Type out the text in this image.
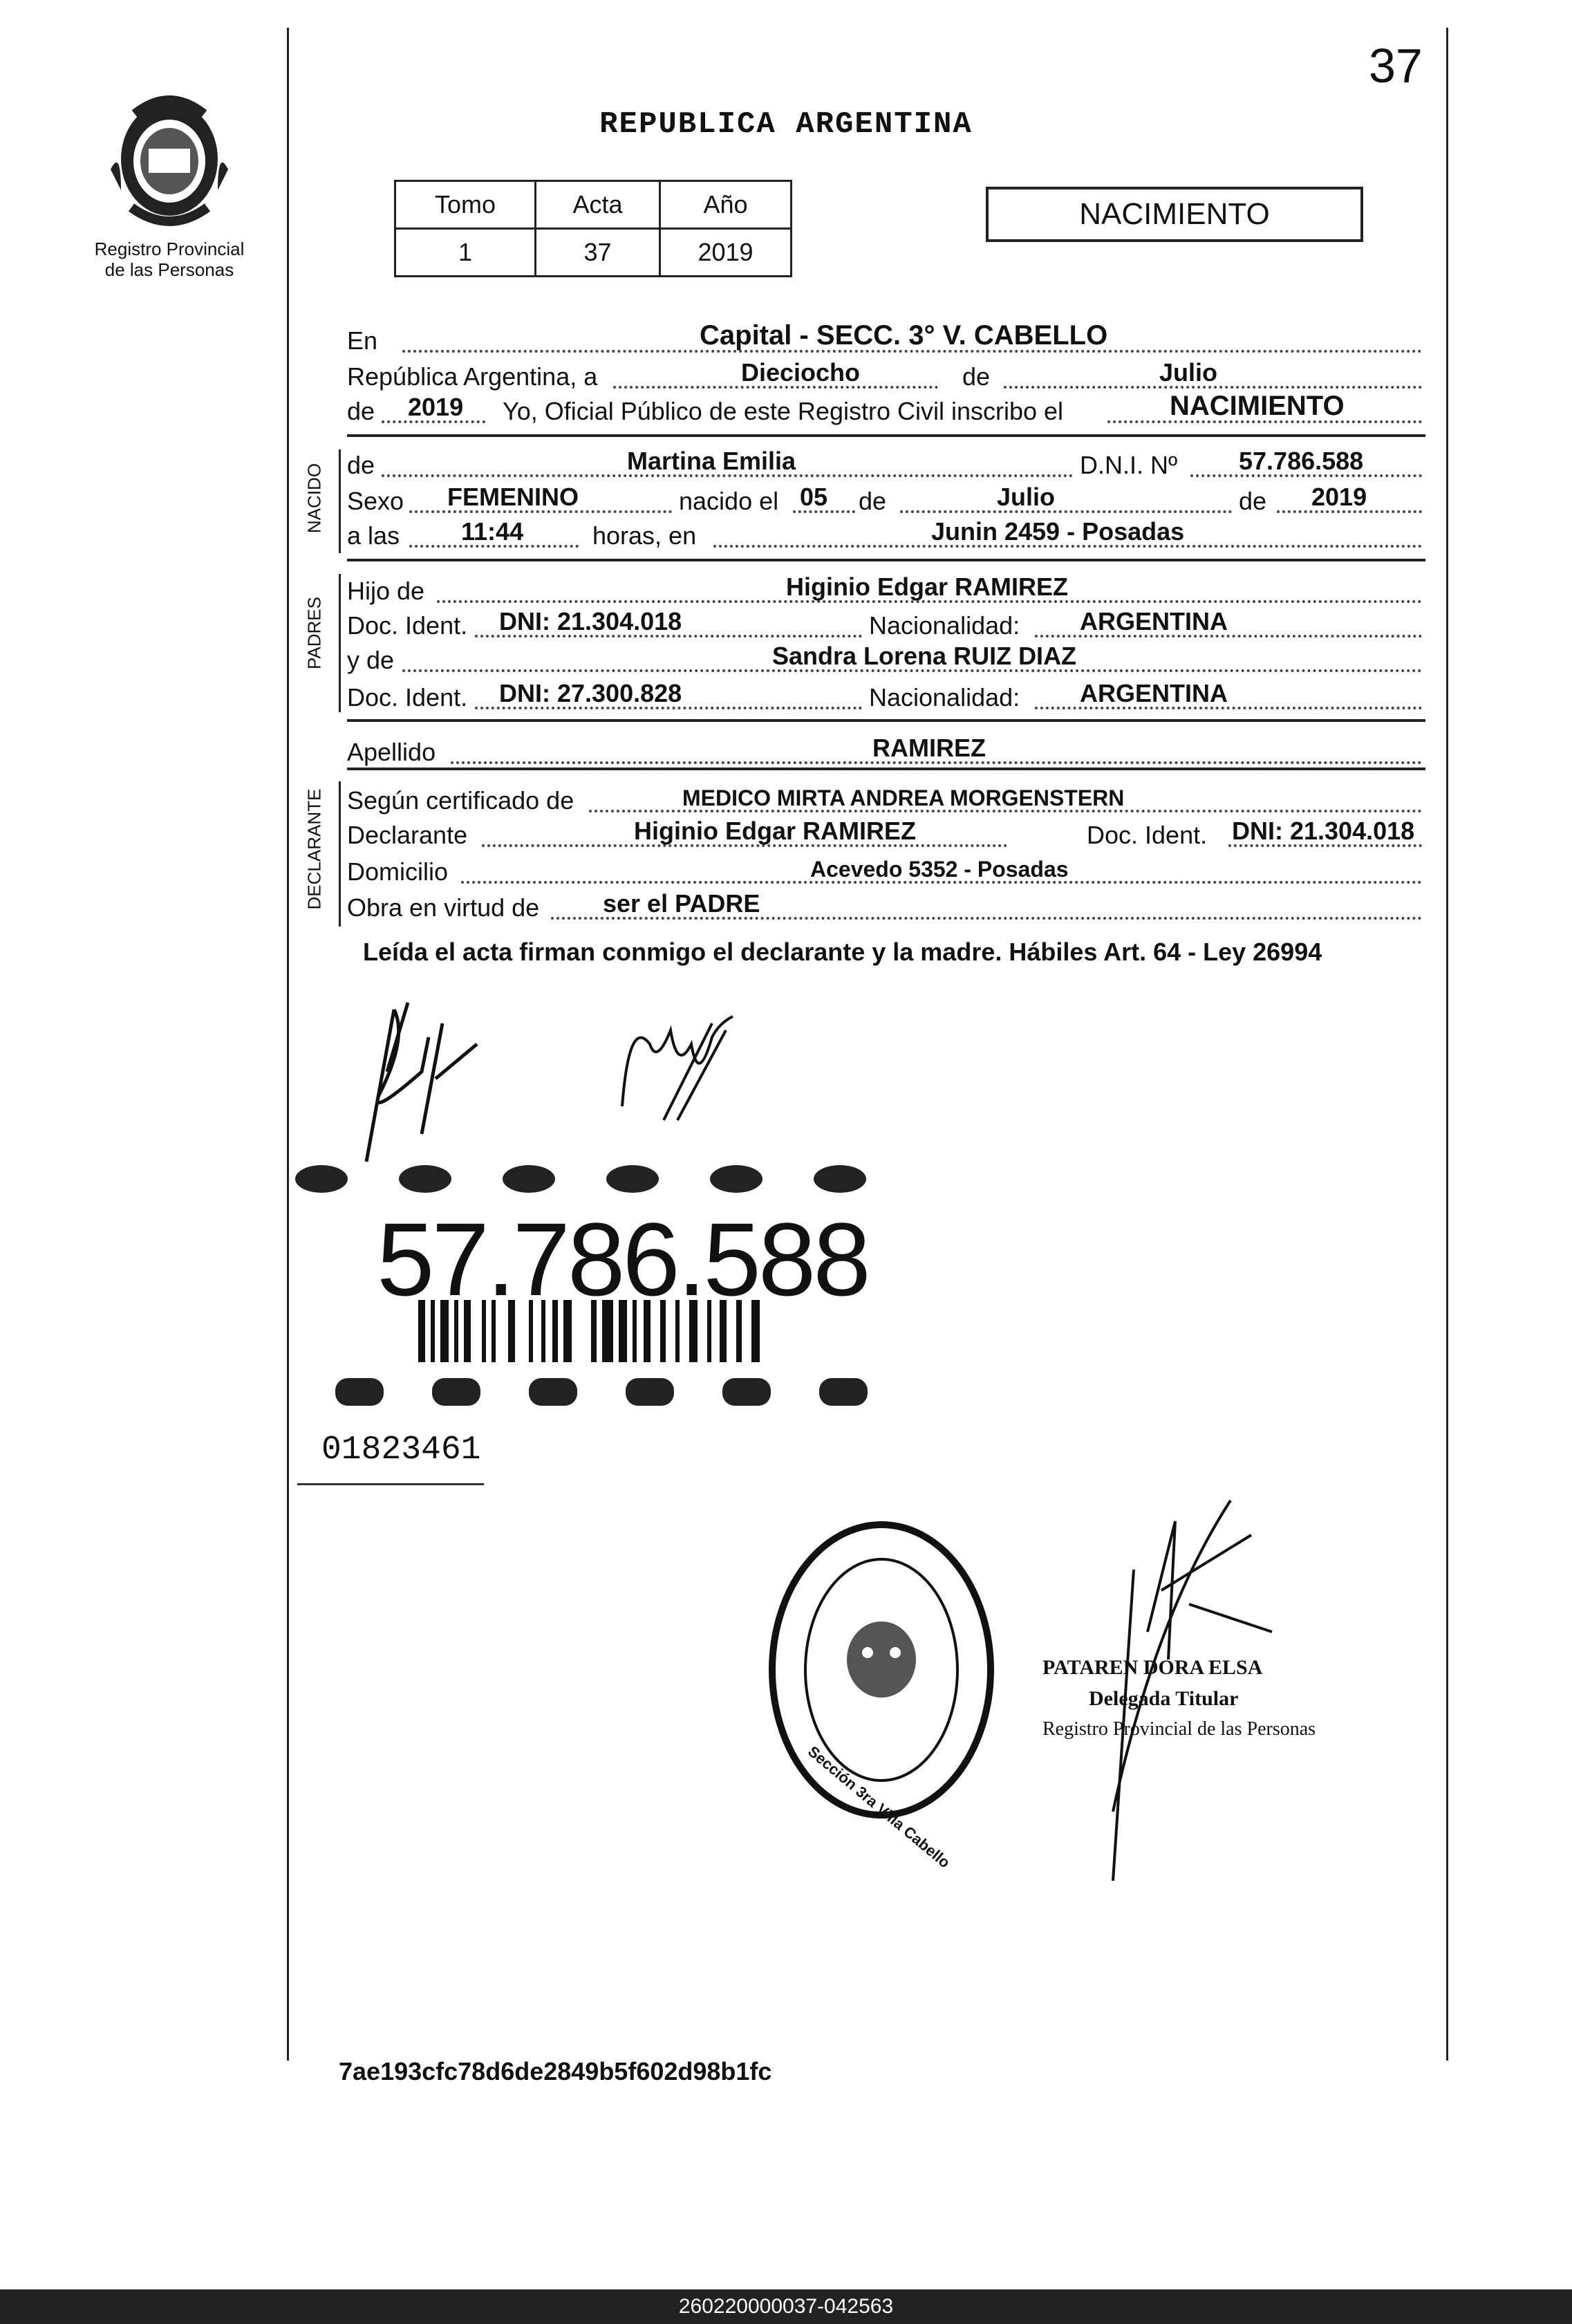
37
Registro Provincial
de las Personas
REPUBLICA ARGENTINA
Tomo	Acta	Año
1	37	2019
NACIMIENTO
En	Capital - SECC. 3° V. CABELLO
República Argentina, a	Dieciocho	de	Julio
de 2019 Yo, Oficial Público de este Registro Civil inscribo el	NACIMIENTO
NACIDO de	Martina Emilia	D.N.I. Nº 57.786.588
Sexo FEMENINO	nacido el 05 de	Julio	de 2019
a las 11:44	horas, en	Junin 2459 - Posadas
PADRES
Hijo de	Higinio Edgar RAMIREZ
Doc. Ident. DNI: 21.304.018	Nacionalidad: ARGENTINA
y de	Sandra Lorena RUIZ DIAZ
Doc. Ident. DNI: 27.300.828	Nacionalidad: ARGENTINA
Apellido	RAMIREZ
DECLARANTE Según certificado de	MEDICO MIRTA ANDREA MORGENSTERN
Declarante	Higinio Edgar RAMIREZ	Doc. Ident. DNI: 21.304.018
Domicilio	Acevedo 5352 - Posadas
Obra en virtud de	ser el PADRE
Leída el acta firman conmigo el declarante y la madre. Hábiles Art. 64 - Ley 26994
57.786.588
01823461
Sección 3ra Villa Cabello
PATAREN DORA ELSA
Delegada Titular
Registro Provincial de las Personas
7ae193cfc78d6de2849b5f602d98b1fc
260220000037-042563
